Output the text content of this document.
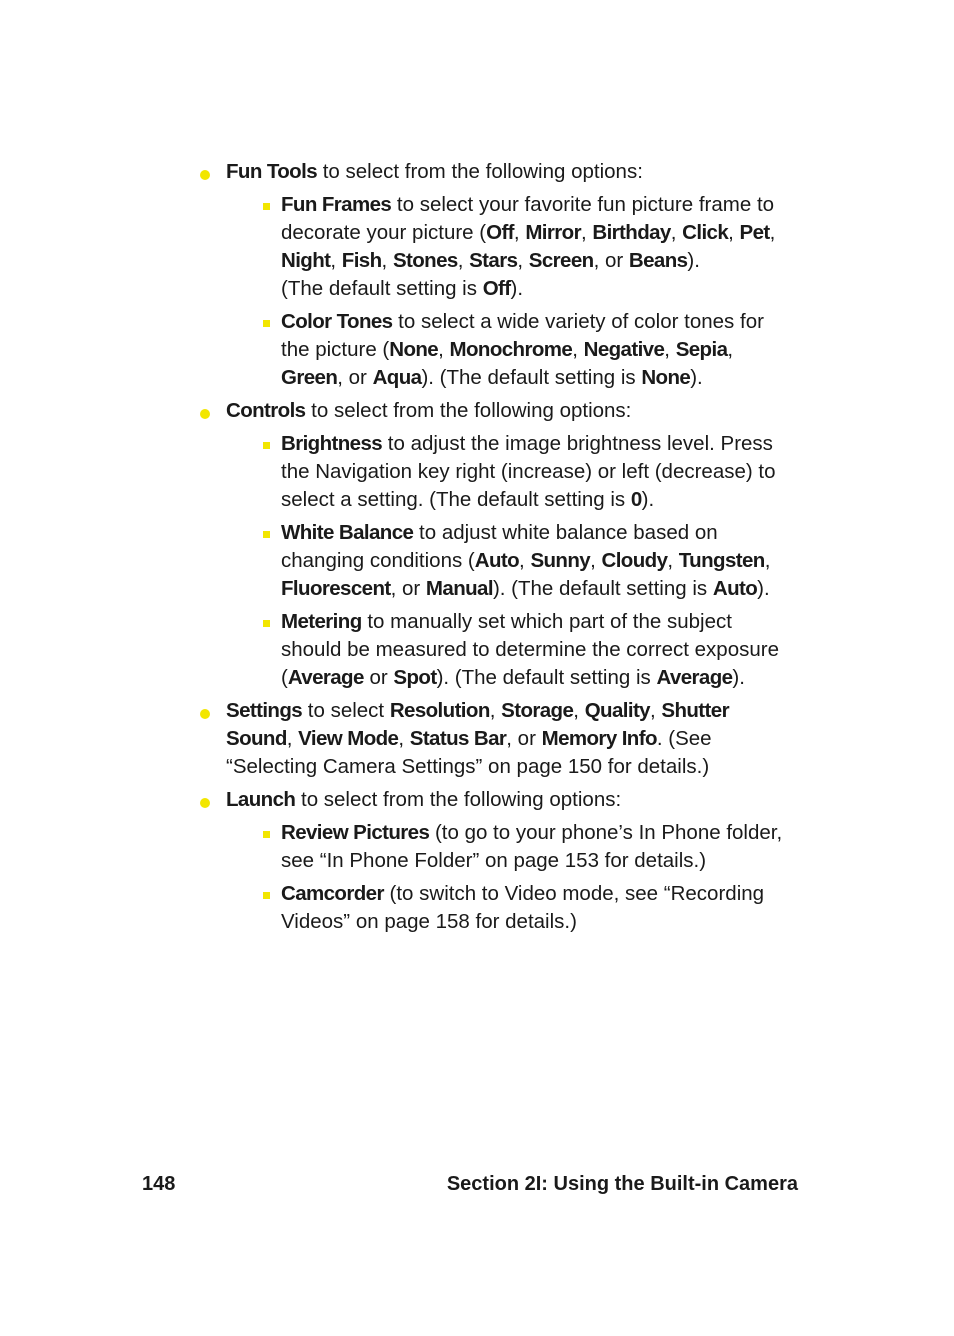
Fun Tools to select from the following options:
Fun Frames to select your favorite fun picture frame to decorate your picture (Off, Mirror, Birthday, Click, Pet, Night, Fish, Stones, Stars, Screen, or Beans).
(The default setting is Off).
Color Tones to select a wide variety of color tones for the picture (None, Monochrome, Negative, Sepia, Green, or Aqua). (The default setting is None).
Controls to select from the following options:
Brightness to adjust the image brightness level. Press the Navigation key right (increase) or left (decrease) to select a setting. (The default setting is 0).
White Balance to adjust white balance based on changing conditions (Auto, Sunny, Cloudy, Tungsten, Fluorescent, or Manual). (The default setting is Auto).
Metering to manually set which part of the subject should be measured to determine the correct exposure (Average or Spot). (The default setting is Average).
Settings to select Resolution, Storage, Quality, Shutter Sound, View Mode, Status Bar, or Memory Info. (See “Selecting Camera Settings” on page 150 for details.)
Launch to select from the following options:
Review Pictures (to go to your phone’s In Phone folder, see “In Phone Folder” on page 153 for details.)
Camcorder (to switch to Video mode, see “Recording Videos” on page 158 for details.)
148	Section 2I: Using the Built-in Camera
